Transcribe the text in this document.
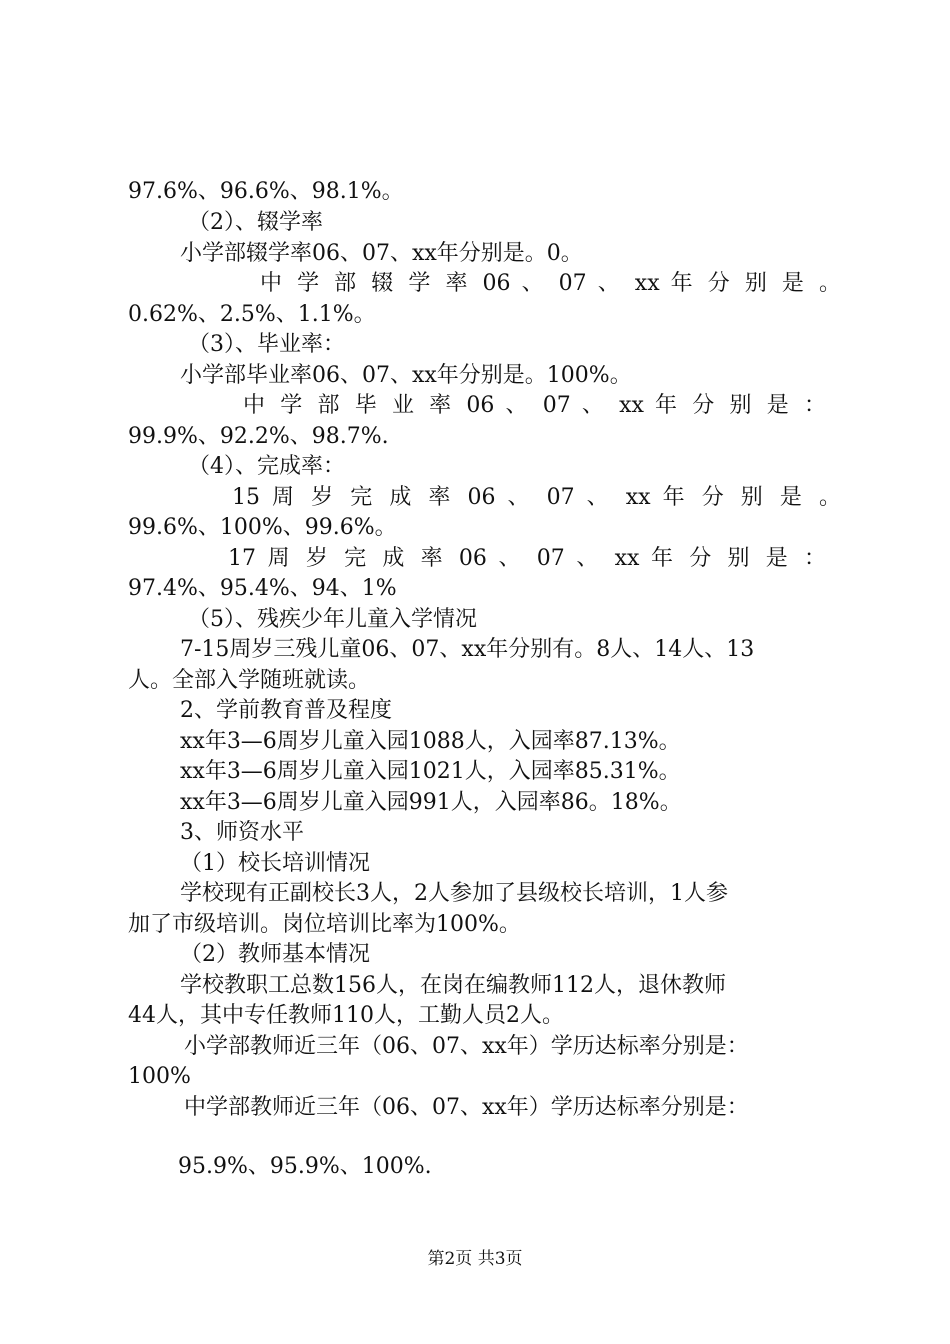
97.6%、96.6%、98.1%。
（2）、辍学率
小学部辍学率06、07、xx年分别是。0。
中 学 部 辍 学 率 06 、 07 、 xx 年 分 别 是 。
0.62%、2.5%、1.1%。
（3）、毕业率：
小学部毕业率06、07、xx年分别是。100%。
中 学 部 毕 业 率 06 、 07 、 xx 年 分 别 是 ：
99.9%、92.2%、98.7%.
（4）、完成率：
15 周 岁 完 成 率 06 、 07 、 xx 年 分 别 是 。
99.6%、100%、99.6%。
17 周 岁 完 成 率 06 、 07 、 xx 年 分 别 是 ：
97.4%、95.4%、94、1%
（5）、残疾少年儿童入学情况
7-15周岁三残儿童06、07、xx年分别有。8人、14人、13
人。全部入学随班就读。
2、学前教育普及程度
xx年3—6周岁儿童入园1088人，入园率87.13%。
xx年3—6周岁儿童入园1021人，入园率85.31%。
xx年3—6周岁儿童入园991人，入园率86。18%。
3、师资水平
（1）校长培训情况
学校现有正副校长3人，2人参加了县级校长培训，1人参
加了市级培训。岗位培训比率为100%。
（2）教师基本情况
学校教职工总数156人，在岗在编教师112人，退休教师
44人，其中专任教师110人，工勤人员2人。
小学部教师近三年（06、07、xx年）学历达标率分别是：
100%
中学部教师近三年（06、07、xx年）学历达标率分别是：
95.9%、95.9%、100%.
第2页 共3页
